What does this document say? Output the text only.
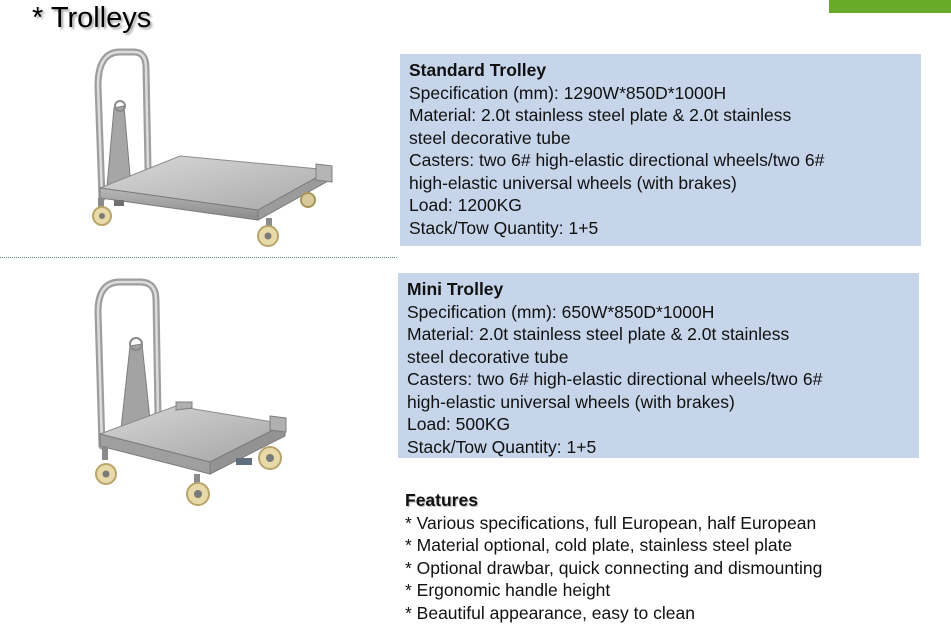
* Trolleys
Standard Trolley
Specification (mm): 1290W*850D*1000H
Material: 2.0t stainless steel plate & 2.0t stainless
steel decorative tube
Casters: two 6# high-elastic directional wheels/two 6#
high-elastic universal wheels (with brakes)
Load: 1200KG
Stack/Tow Quantity: 1+5
Mini Trolley
Specification (mm): 650W*850D*1000H
Material: 2.0t stainless steel plate & 2.0t stainless
steel decorative tube
Casters: two 6# high-elastic directional wheels/two 6#
high-elastic universal wheels (with brakes)
Load: 500KG
Stack/Tow Quantity: 1+5
Features
* Various specifications, full European, half European
* Material optional, cold plate, stainless steel plate
* Optional drawbar, quick connecting and dismounting
* Ergonomic handle height
* Beautiful appearance, easy to clean
